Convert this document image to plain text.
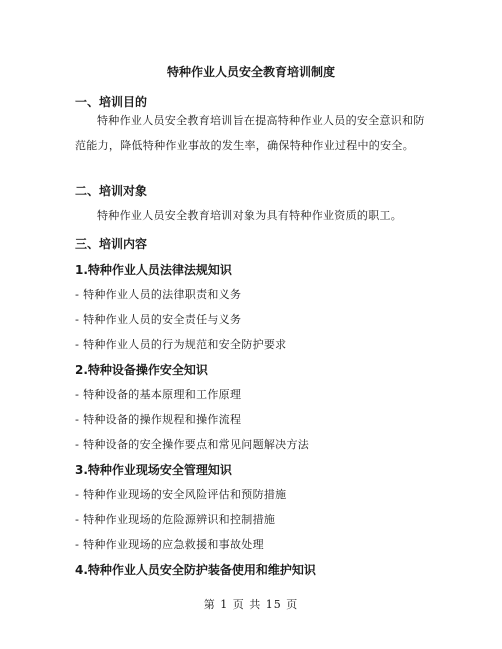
特种作业人员安全教育培训制度
一、培训目的
特种作业人员安全教育培训旨在提高特种作业人员的安全意识和防范能力，降低特种作业事故的发生率，确保特种作业过程中的安全。
二、培训对象
特种作业人员安全教育培训对象为具有特种作业资质的职工。
三、培训内容
1.特种作业人员法律法规知识
- 特种作业人员的法律职责和义务
- 特种作业人员的安全责任与义务
- 特种作业人员的行为规范和安全防护要求
2.特种设备操作安全知识
- 特种设备的基本原理和工作原理
- 特种设备的操作规程和操作流程
- 特种设备的安全操作要点和常见问题解决方法
3.特种作业现场安全管理知识
- 特种作业现场的安全风险评估和预防措施
- 特种作业现场的危险源辨识和控制措施
- 特种作业现场的应急救援和事故处理
4.特种作业人员安全防护装备使用和维护知识
第 1 页 共 15 页
